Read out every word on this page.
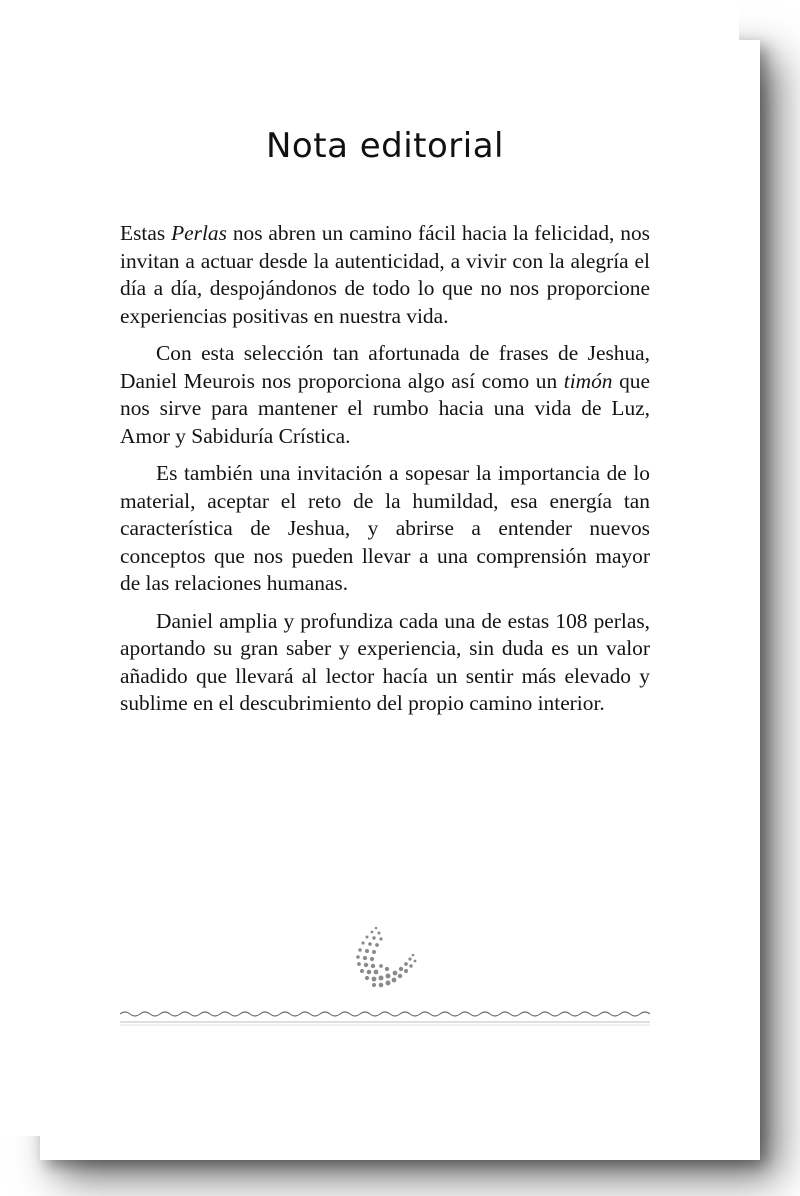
Nota editorial

Estas Perlas nos abren un camino fácil hacia la felicidad, nos invitan a actuar desde la autenticidad, a vivir con la alegría el día a día, despojándonos de todo lo que no nos proporcione experiencias positivas en nuestra vida.

Con esta selección tan afortunada de frases de Jeshua, Daniel Meurois nos proporciona algo así como un timón que nos sirve para mantener el rumbo hacia una vida de Luz, Amor y Sabiduría Crística.

Es también una invitación a sopesar la importancia de lo material, aceptar el reto de la humildad, esa energía tan característica de Jeshua, y abrirse a entender nuevos conceptos que nos pueden llevar a una comprensión mayor de las relaciones humanas.

Daniel amplia y profundiza cada una de estas 108 perlas, aportando su gran saber y experiencia, sin duda es un valor añadido que llevará al lector hacía un sentir más elevado y sublime en el descubrimiento del propio camino interior.
